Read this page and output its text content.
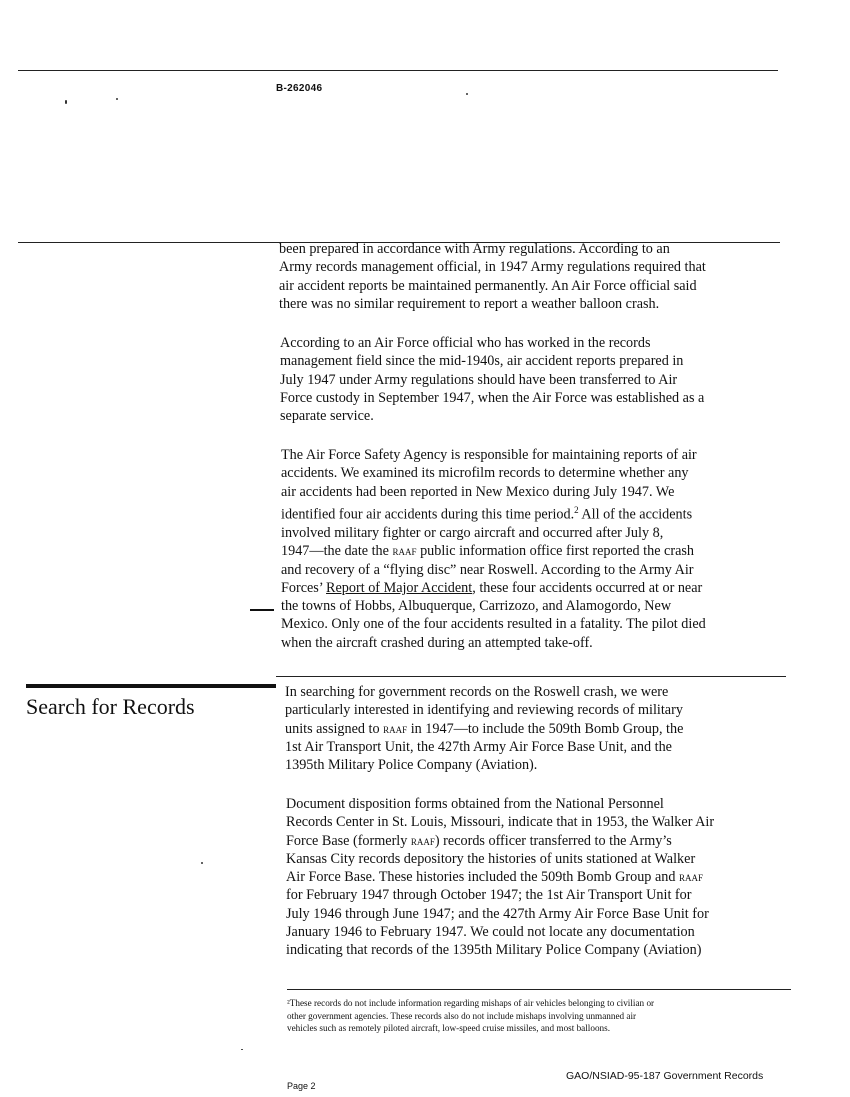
B-262046

been prepared in accordance with Army regulations. According to an
Army records management official, in 1947 Army regulations required that
air accident reports be maintained permanently. An Air Force official said
there was no similar requirement to report a weather balloon crash.

According to an Air Force official who has worked in the records
management field since the mid-1940s, air accident reports prepared in
July 1947 under Army regulations should have been transferred to Air
Force custody in September 1947, when the Air Force was established as a
separate service.

The Air Force Safety Agency is responsible for maintaining reports of air
accidents. We examined its microfilm records to determine whether any
air accidents had been reported in New Mexico during July 1947. We
identified four air accidents during this time period.$^2$ All of the accidents
involved military fighter or cargo aircraft and occurred after July 8,
1947—the date the raaf public information office first reported the crash
and recovery of a “flying disc” near Roswell. According to the Army Air
Forces’ Report of Major Accident, these four accidents occurred at or near
the towns of Hobbs, Albuquerque, Carrizozo, and Alamogordo, New
Mexico. Only one of the four accidents resulted in a fatality. The pilot died
when the aircraft crashed during an attempted take-off.

Search for Records

In searching for government records on the Roswell crash, we were
particularly interested in identifying and reviewing records of military
units assigned to raaf in 1947—to include the 509th Bomb Group, the
1st Air Transport Unit, the 427th Army Air Force Base Unit, and the
1395th Military Police Company (Aviation).

Document disposition forms obtained from the National Personnel
Records Center in St. Louis, Missouri, indicate that in 1953, the Walker Air
Force Base (formerly raaf) records officer transferred to the Army’s
Kansas City records depository the histories of units stationed at Walker
Air Force Base. These histories included the 509th Bomb Group and raaf
for February 1947 through October 1947; the 1st Air Transport Unit for
July 1946 through June 1947; and the 427th Army Air Force Base Unit for
January 1946 to February 1947. We could not locate any documentation
indicating that records of the 1395th Military Police Company (Aviation)

²These records do not include information regarding mishaps of air vehicles belonging to civilian or
other government agencies. These records also do not include mishaps involving unmanned air
vehicles such as remotely piloted aircraft, low-speed cruise missiles, and most balloons.

Page 2
GAO/NSIAD-95-187 Government Records
